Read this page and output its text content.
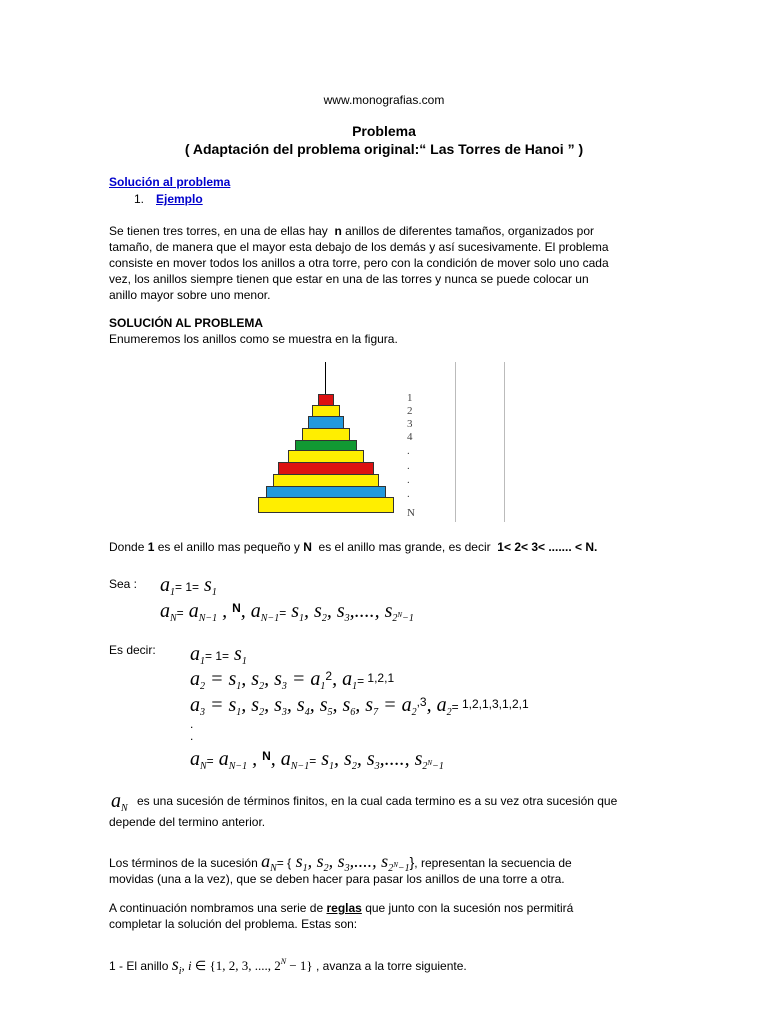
www.monografias.com
Problema
( Adaptación del problema original:“ Las Torres de Hanoi ” )
Solución al problema
1. Ejemplo
Se tienen tres torres, en una de ellas hay n anillos de diferentes tamaños, organizados por
tamaño, de manera que el mayor esta debajo de los demás y así sucesivamente. El problema
consiste en mover todos los anillos a otra torre, pero con la condición de mover solo uno cada
vez, los anillos siempre tienen que estar en una de las torres y nunca se puede colocar un
anillo mayor sobre uno menor.
SOLUCIÓN AL PROBLEMA
Enumeremos los anillos como se muestra en la figura.
1
2
3
4
.
.
.
.
N
Donde 1 es el anillo mas pequeño y N es el anillo mas grande, es decir 1< 2< 3< ....... < N.
Sea : $a_1= 1= s_1$
$a_N= a_{N-1}$ , $^N$, $a_{N-1}= s_1$, $s_2$, $s_3$,...., $s_{2^N-1}$
Es decir: $a_1= 1= s_1$
$a_2 = s_1$, $s_2$, $s_3 = a_1^2$, $a_1= 1,2,1$
$a_3 = s_1$, $s_2$, $s_3$, $s_4$, $s_5$, $s_6$, $s_7 = a_2^{,3}$, $a_2= 1,2,1,3,1,2,1$
.
.
$a_N= a_{N-1}$ , $^N$, $a_{N-1}= s_1$, $s_2$, $s_3$,...., $s_{2^N-1}$
$a_N$
es una sucesión de términos finitos, en la cual cada termino es a su vez otra sucesión que
depende del termino anterior.
Los términos de la sucesión $a_N=$ { $s_1$, $s_2$, $s_3$,...., $s_{2^N-1}$}, representan la secuencia de
movidas (una a la vez), que se deben hacer para pasar los anillos de una torre a otra.
A continuación nombramos una serie de reglas que junto con la sucesión nos permitirá
completar la solución del problema. Estas son:
1 - El anillo $s_i$, i ∈ {1, 2, 3, ...., $2^N - 1$} , avanza a la torre siguiente.
